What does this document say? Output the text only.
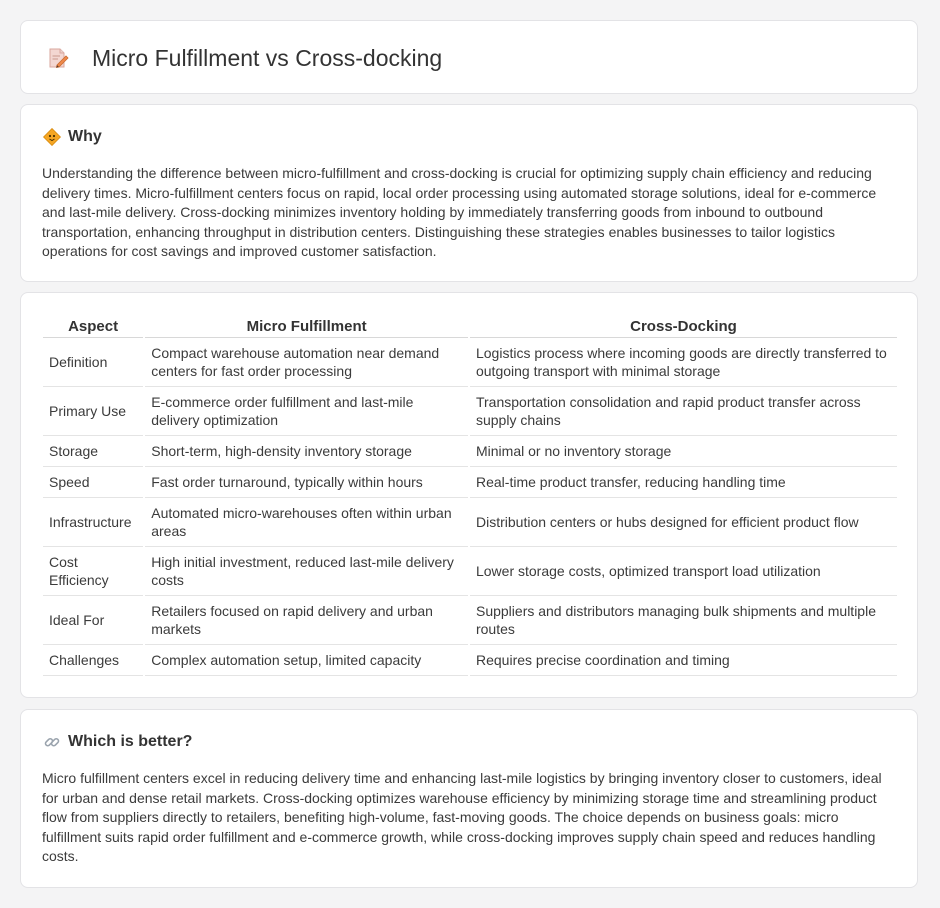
Micro Fulfillment vs Cross-docking
Why
Understanding the difference between micro-fulfillment and cross-docking is crucial for optimizing supply chain efficiency and reducing delivery times. Micro-fulfillment centers focus on rapid, local order processing using automated storage solutions, ideal for e-commerce and last-mile delivery. Cross-docking minimizes inventory holding by immediately transferring goods from inbound to outbound transportation, enhancing throughput in distribution centers. Distinguishing these strategies enables businesses to tailor logistics operations for cost savings and improved customer satisfaction.
Aspect	Micro Fulfillment	Cross-Docking
Definition	Compact warehouse automation near demand centers for fast order processing	Logistics process where incoming goods are directly transferred to outgoing transport with minimal storage
Primary Use	E-commerce order fulfillment and last-mile delivery optimization	Transportation consolidation and rapid product transfer across supply chains
Storage	Short-term, high-density inventory storage	Minimal or no inventory storage
Speed	Fast order turnaround, typically within hours	Real-time product transfer, reducing handling time
Infrastructure	Automated micro-warehouses often within urban areas	Distribution centers or hubs designed for efficient product flow
Cost Efficiency	High initial investment, reduced last-mile delivery costs	Lower storage costs, optimized transport load utilization
Ideal For	Retailers focused on rapid delivery and urban markets	Suppliers and distributors managing bulk shipments and multiple routes
Challenges	Complex automation setup, limited capacity	Requires precise coordination and timing
Which is better?
Micro fulfillment centers excel in reducing delivery time and enhancing last-mile logistics by bringing inventory closer to customers, ideal for urban and dense retail markets. Cross-docking optimizes warehouse efficiency by minimizing storage time and streamlining product flow from suppliers directly to retailers, benefiting high-volume, fast-moving goods. The choice depends on business goals: micro fulfillment suits rapid order fulfillment and e-commerce growth, while cross-docking improves supply chain speed and reduces handling costs.
